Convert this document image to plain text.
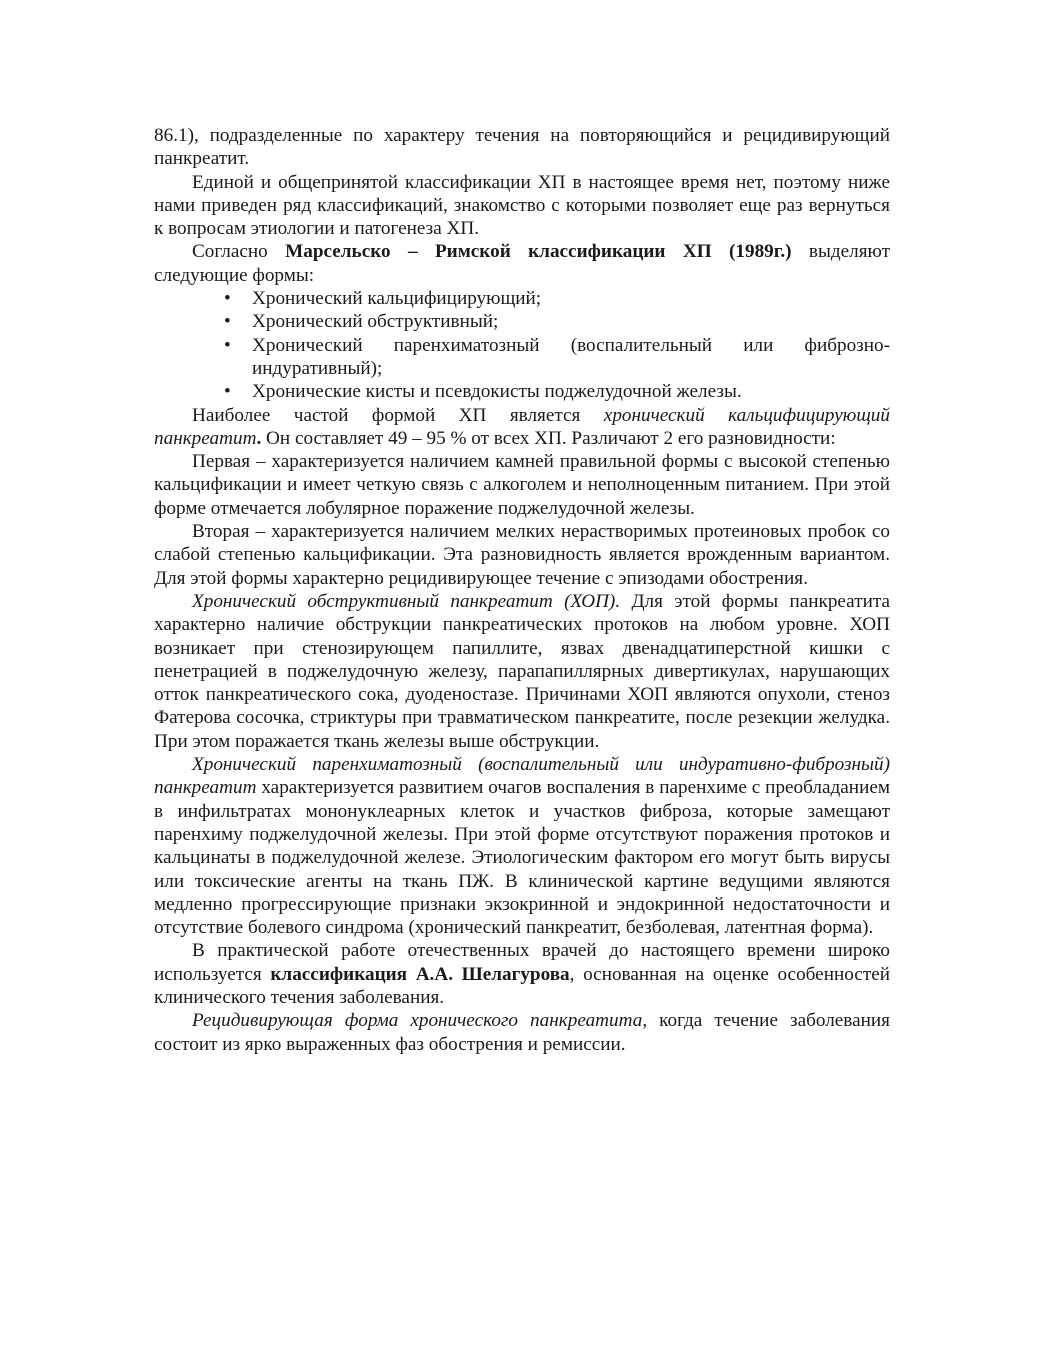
86.1), подразделенные по характеру течения на повторяющийся и рецидивирующий панкреатит.

Единой и общепринятой классификации ХП в настоящее время нет, поэтому ниже нами приведен ряд классификаций, знакомство с которыми позволяет еще раз вернуться к вопросам этиологии и патогенеза ХП.

Согласно Марсельско – Римской классификации ХП (1989г.) выделяют следующие формы:

• Хронический кальцифицирующий;
• Хронический обструктивный;
• Хронический паренхиматозный (воспалительный или фиброзно-индуративный);
• Хронические кисты и псевдокисты поджелудочной железы.

Наиболее частой формой ХП является хронический кальцифицирующий панкреатит. Он составляет 49 – 95 % от всех ХП. Различают 2 его разновидности:

Первая – характеризуется наличием камней правильной формы с высокой степенью кальцификации и имеет четкую связь с алкоголем и неполноценным питанием. При этой форме отмечается лобулярное поражение поджелудочной железы.

Вторая – характеризуется наличием мелких нерастворимых протеиновых пробок со слабой степенью кальцификации. Эта разновидность является врожденным вариантом. Для этой формы характерно рецидивирующее течение с эпизодами обострения.

Хронический обструктивный панкреатит (ХОП). Для этой формы панкреатита характерно наличие обструкции панкреатических протоков на любом уровне. ХОП возникает при стенозирующем папиллите, язвах двенадцатиперстной кишки с пенетрацией в поджелудочную железу, парапапиллярных дивертикулах, нарушающих отток панкреатического сока, дуоденостазе. Причинами ХОП являются опухоли, стеноз Фатерова сосочка, стриктуры при травматическом панкреатите, после резекции желудка. При этом поражается ткань железы выше обструкции.

Хронический паренхиматозный (воспалительный или индуративно-фиброзный) панкреатит характеризуется развитием очагов воспаления в паренхиме с преобладанием в инфильтратах мононуклеарных клеток и участков фиброза, которые замещают паренхиму поджелудочной железы. При этой форме отсутствуют поражения протоков и кальцинаты в поджелудочной железе. Этиологическим фактором его могут быть вирусы или токсические агенты на ткань ПЖ. В клинической картине ведущими являются медленно прогрессирующие признаки экзокринной и эндокринной недостаточности и отсутствие болевого синдрома (хронический панкреатит, безболевая, латентная форма).

В практической работе отечественных врачей до настоящего времени широко используется классификация А.А. Шелагурова, основанная на оценке особенностей клинического течения заболевания.

Рецидивирующая форма хронического панкреатита, когда течение заболевания состоит из ярко выраженных фаз обострения и ремиссии.
